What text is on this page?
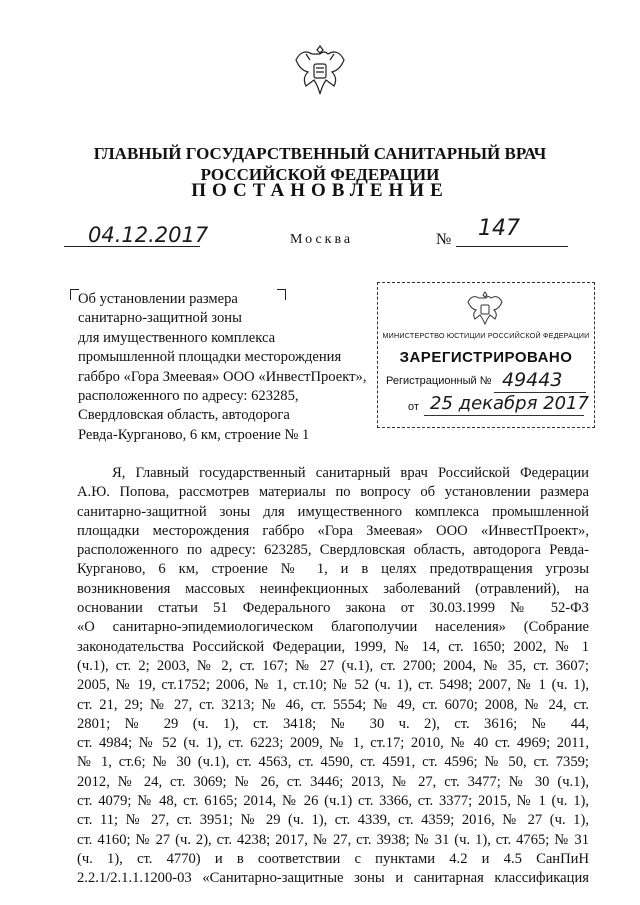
ГЛАВНЫЙ ГОСУДАРСТВЕННЫЙ САНИТАРНЫЙ ВРАЧ
РОССИЙСКОЙ ФЕДЕРАЦИИ
ПОСТАНОВЛЕНИЕ
04.12.2017	Москва	№ 147
Об установлении размера
санитарно-защитной зоны
для имущественного комплекса
промышленной площадки месторождения
габбро «Гора Змеевая» ООО «ИнвестПроект»,
расположенного по адресу: 623285,
Свердловская область, автодорога
Ревда-Курганово, 6 км, строение № 1
МИНИСТЕРСТВО ЮСТИЦИИ РОССИЙСКОЙ ФЕДЕРАЦИИ
ЗАРЕГИСТРИРОВАНО
Регистрационный № 49443
от 25 декабря 2017
Я, Главный государственный санитарный врач Российской Федерации
А.Ю. Попова, рассмотрев материалы по вопросу об установлении размера
санитарно-защитной зоны для имущественного комплекса промышленной
площадки месторождения габбро «Гора Змеевая» ООО «ИнвестПроект»,
расположенного по адресу: 623285, Свердловская область, автодорога Ревда-
Курганово, 6 км, строение № 1, и в целях предотвращения угрозы
возникновения массовых неинфекционных заболеваний (отравлений), на
основании статьи 51 Федерального закона от 30.03.1999 № 52-ФЗ
«О санитарно-эпидемиологическом благополучии населения» (Собрание
законодательства Российской Федерации, 1999, № 14, ст. 1650; 2002, № 1
(ч.1), ст. 2; 2003, № 2, ст. 167; № 27 (ч.1), ст. 2700; 2004, № 35, ст. 3607;
2005, № 19, ст.1752; 2006, № 1, ст.10; № 52 (ч. 1), ст. 5498; 2007, № 1 (ч. 1),
ст. 21, 29; № 27, ст. 3213; № 46, ст. 5554; № 49, ст. 6070; 2008, № 24, ст.
2801; № 29 (ч. 1), ст. 3418; № 30 ч. 2), ст. 3616; № 44,
ст. 4984; № 52 (ч. 1), ст. 6223; 2009, № 1, ст.17; 2010, № 40 ст. 4969; 2011,
№ 1, ст.6; № 30 (ч.1), ст. 4563, ст. 4590, ст. 4591, ст. 4596; № 50, ст. 7359;
2012, № 24, ст. 3069; № 26, ст. 3446; 2013, № 27, ст. 3477; № 30 (ч.1),
ст. 4079; № 48, ст. 6165; 2014, № 26 (ч.1) ст. 3366, ст. 3377; 2015, № 1 (ч. 1),
ст. 11; № 27, ст. 3951; № 29 (ч. 1), ст. 4339, ст. 4359; 2016, № 27 (ч. 1),
ст. 4160; № 27 (ч. 2), ст. 4238; 2017, № 27, ст. 3938; № 31 (ч. 1), ст. 4765; № 31
(ч. 1), ст. 4770) и в соответствии с пунктами 4.2 и 4.5 СанПиН
2.2.1/2.1.1.1200-03 «Санитарно-защитные зоны и санитарная классификация
